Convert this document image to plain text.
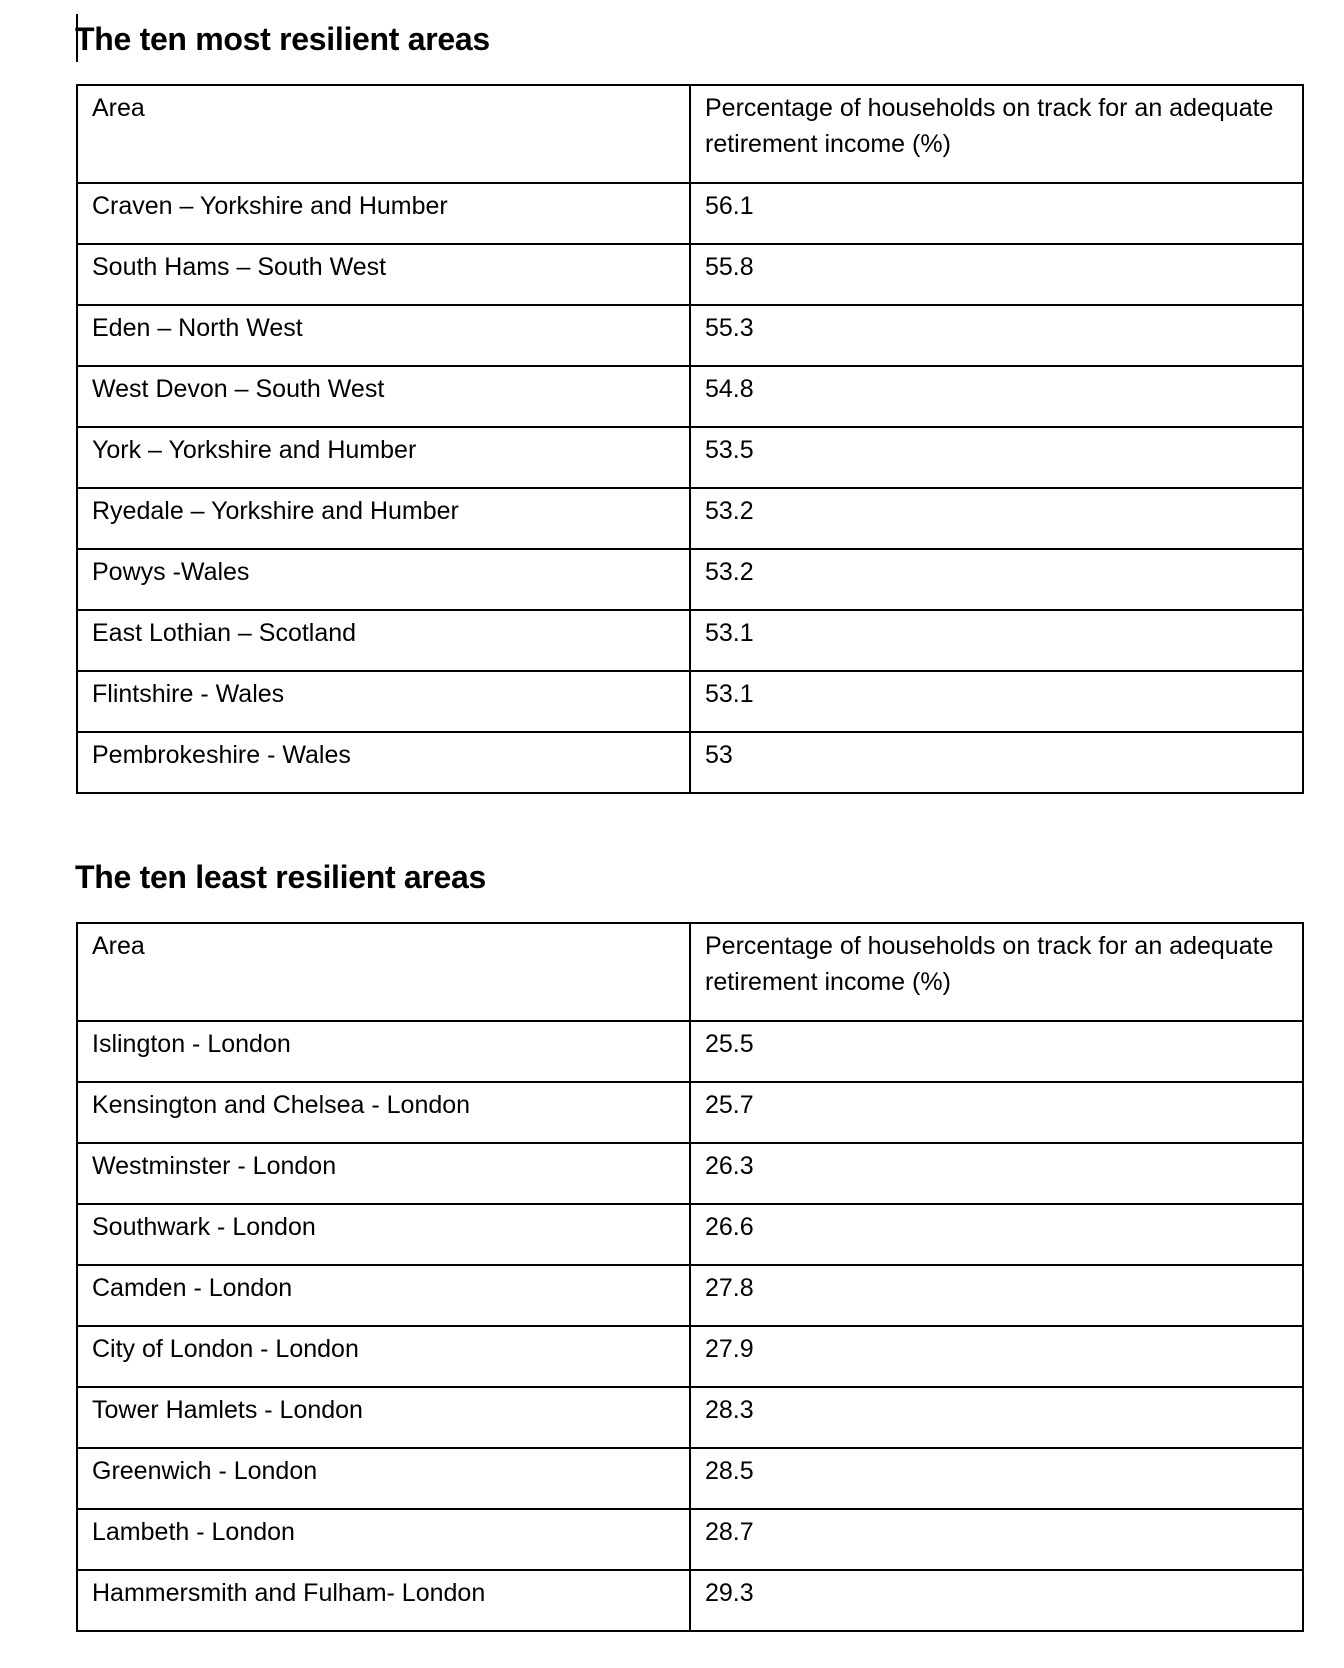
The ten most resilient areas
Area	Percentage of households on track for an adequate retirement income (%)
Craven – Yorkshire and Humber	56.1
South Hams – South West	55.8
Eden – North West	55.3
West Devon – South West	54.8
York – Yorkshire and Humber	53.5
Ryedale – Yorkshire and Humber	53.2
Powys -Wales	53.2
East Lothian – Scotland	53.1
Flintshire - Wales	53.1
Pembrokeshire - Wales	53
The ten least resilient areas
Area	Percentage of households on track for an adequate retirement income (%)
Islington - London	25.5
Kensington and Chelsea - London	25.7
Westminster - London	26.3
Southwark - London	26.6
Camden - London	27.8
City of London - London	27.9
Tower Hamlets - London	28.3
Greenwich - London	28.5
Lambeth - London	28.7
Hammersmith and Fulham- London	29.3
